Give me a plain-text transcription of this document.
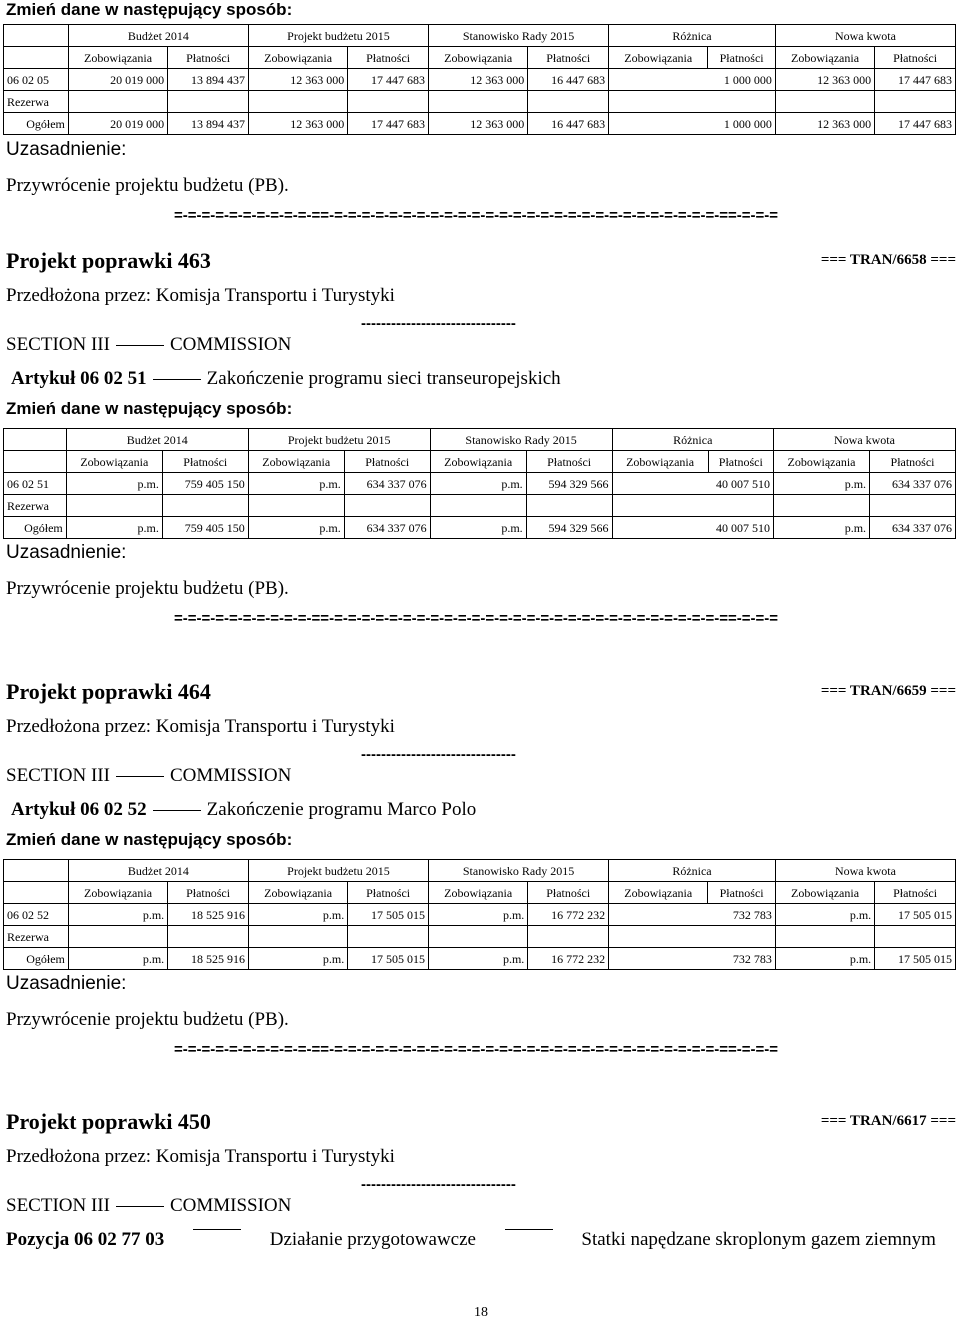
Zmień dane w następujący sposób:
	Budżet 2014		Projekt budżetu 2015		Stanowisko Rady 2015		Różnica		Nowa kwota	
	Zobowiązania	Płatności	Zobowiązania	Płatności	Zobowiązania	Płatności	Zobowiązania	Płatności	Zobowiązania	Płatności
06 02 05	20 019 000	13 894 437	12 363 000	17 447 683	12 363 000	16 447 683	1 000 000		12 363 000	17 447 683
Rezerwa										
Ogółem	20 019 000	13 894 437	12 363 000	17 447 683	12 363 000	16 447 683	1 000 000		12 363 000	17 447 683
Uzasadnienie:
Przywrócenie projektu budżetu (PB).
=-=-=-=-=-=-=-=-=-=-==-=-=-=-=-=-=-=-=-=-=-=-=-=-=-=-=-=-=-=-=-=-=-=-=-=-=-=-=-==-=-=-=
Projekt poprawki 463	=== TRAN/6658 ===
Przedłożona przez: Komisja Transportu i Turystyki
-------------------------------
SECTION III	COMMISSION
Artykuł 06 02 51	Zakończenie programu sieci transeuropejskich
Zmień dane w następujący sposób:
	Budżet 2014		Projekt budżetu 2015		Stanowisko Rady 2015		Różnica		Nowa kwota	
	Zobowiązania	Płatności	Zobowiązania	Płatności	Zobowiązania	Płatności	Zobowiązania	Płatności	Zobowiązania	Płatności
06 02 51	p.m.	759 405 150	p.m.	634 337 076	p.m.	594 329 566	40 007 510		p.m.	634 337 076
Rezerwa										
Ogółem	p.m.	759 405 150	p.m.	634 337 076	p.m.	594 329 566	40 007 510		p.m.	634 337 076
Uzasadnienie:
Przywrócenie projektu budżetu (PB).
=-=-=-=-=-=-=-=-=-=-==-=-=-=-=-=-=-=-=-=-=-=-=-=-=-=-=-=-=-=-=-=-=-=-=-=-=-=-=-==-=-=-=
Projekt poprawki 464	=== TRAN/6659 ===
Przedłożona przez: Komisja Transportu i Turystyki
-------------------------------
SECTION III	COMMISSION
Artykuł 06 02 52	Zakończenie programu Marco Polo
Zmień dane w następujący sposób:
	Budżet 2014		Projekt budżetu 2015		Stanowisko Rady 2015		Różnica		Nowa kwota	
	Zobowiązania	Płatności	Zobowiązania	Płatności	Zobowiązania	Płatności	Zobowiązania	Płatności	Zobowiązania	Płatności
06 02 52	p.m.	18 525 916	p.m.	17 505 015	p.m.	16 772 232	732 783		p.m.	17 505 015
Rezerwa										
Ogółem	p.m.	18 525 916	p.m.	17 505 015	p.m.	16 772 232	732 783		p.m.	17 505 015
Uzasadnienie:
Przywrócenie projektu budżetu (PB).
=-=-=-=-=-=-=-=-=-=-==-=-=-=-=-=-=-=-=-=-=-=-=-=-=-=-=-=-=-=-=-=-=-=-=-=-=-=-=-==-=-=-=
Projekt poprawki 450	=== TRAN/6617 ===
Przedłożona przez: Komisja Transportu i Turystyki
-------------------------------
SECTION III	COMMISSION
Pozycja 06 02 77 03	Działanie przygotowawcze	Statki napędzane skroplonym gazem ziemnym
18
